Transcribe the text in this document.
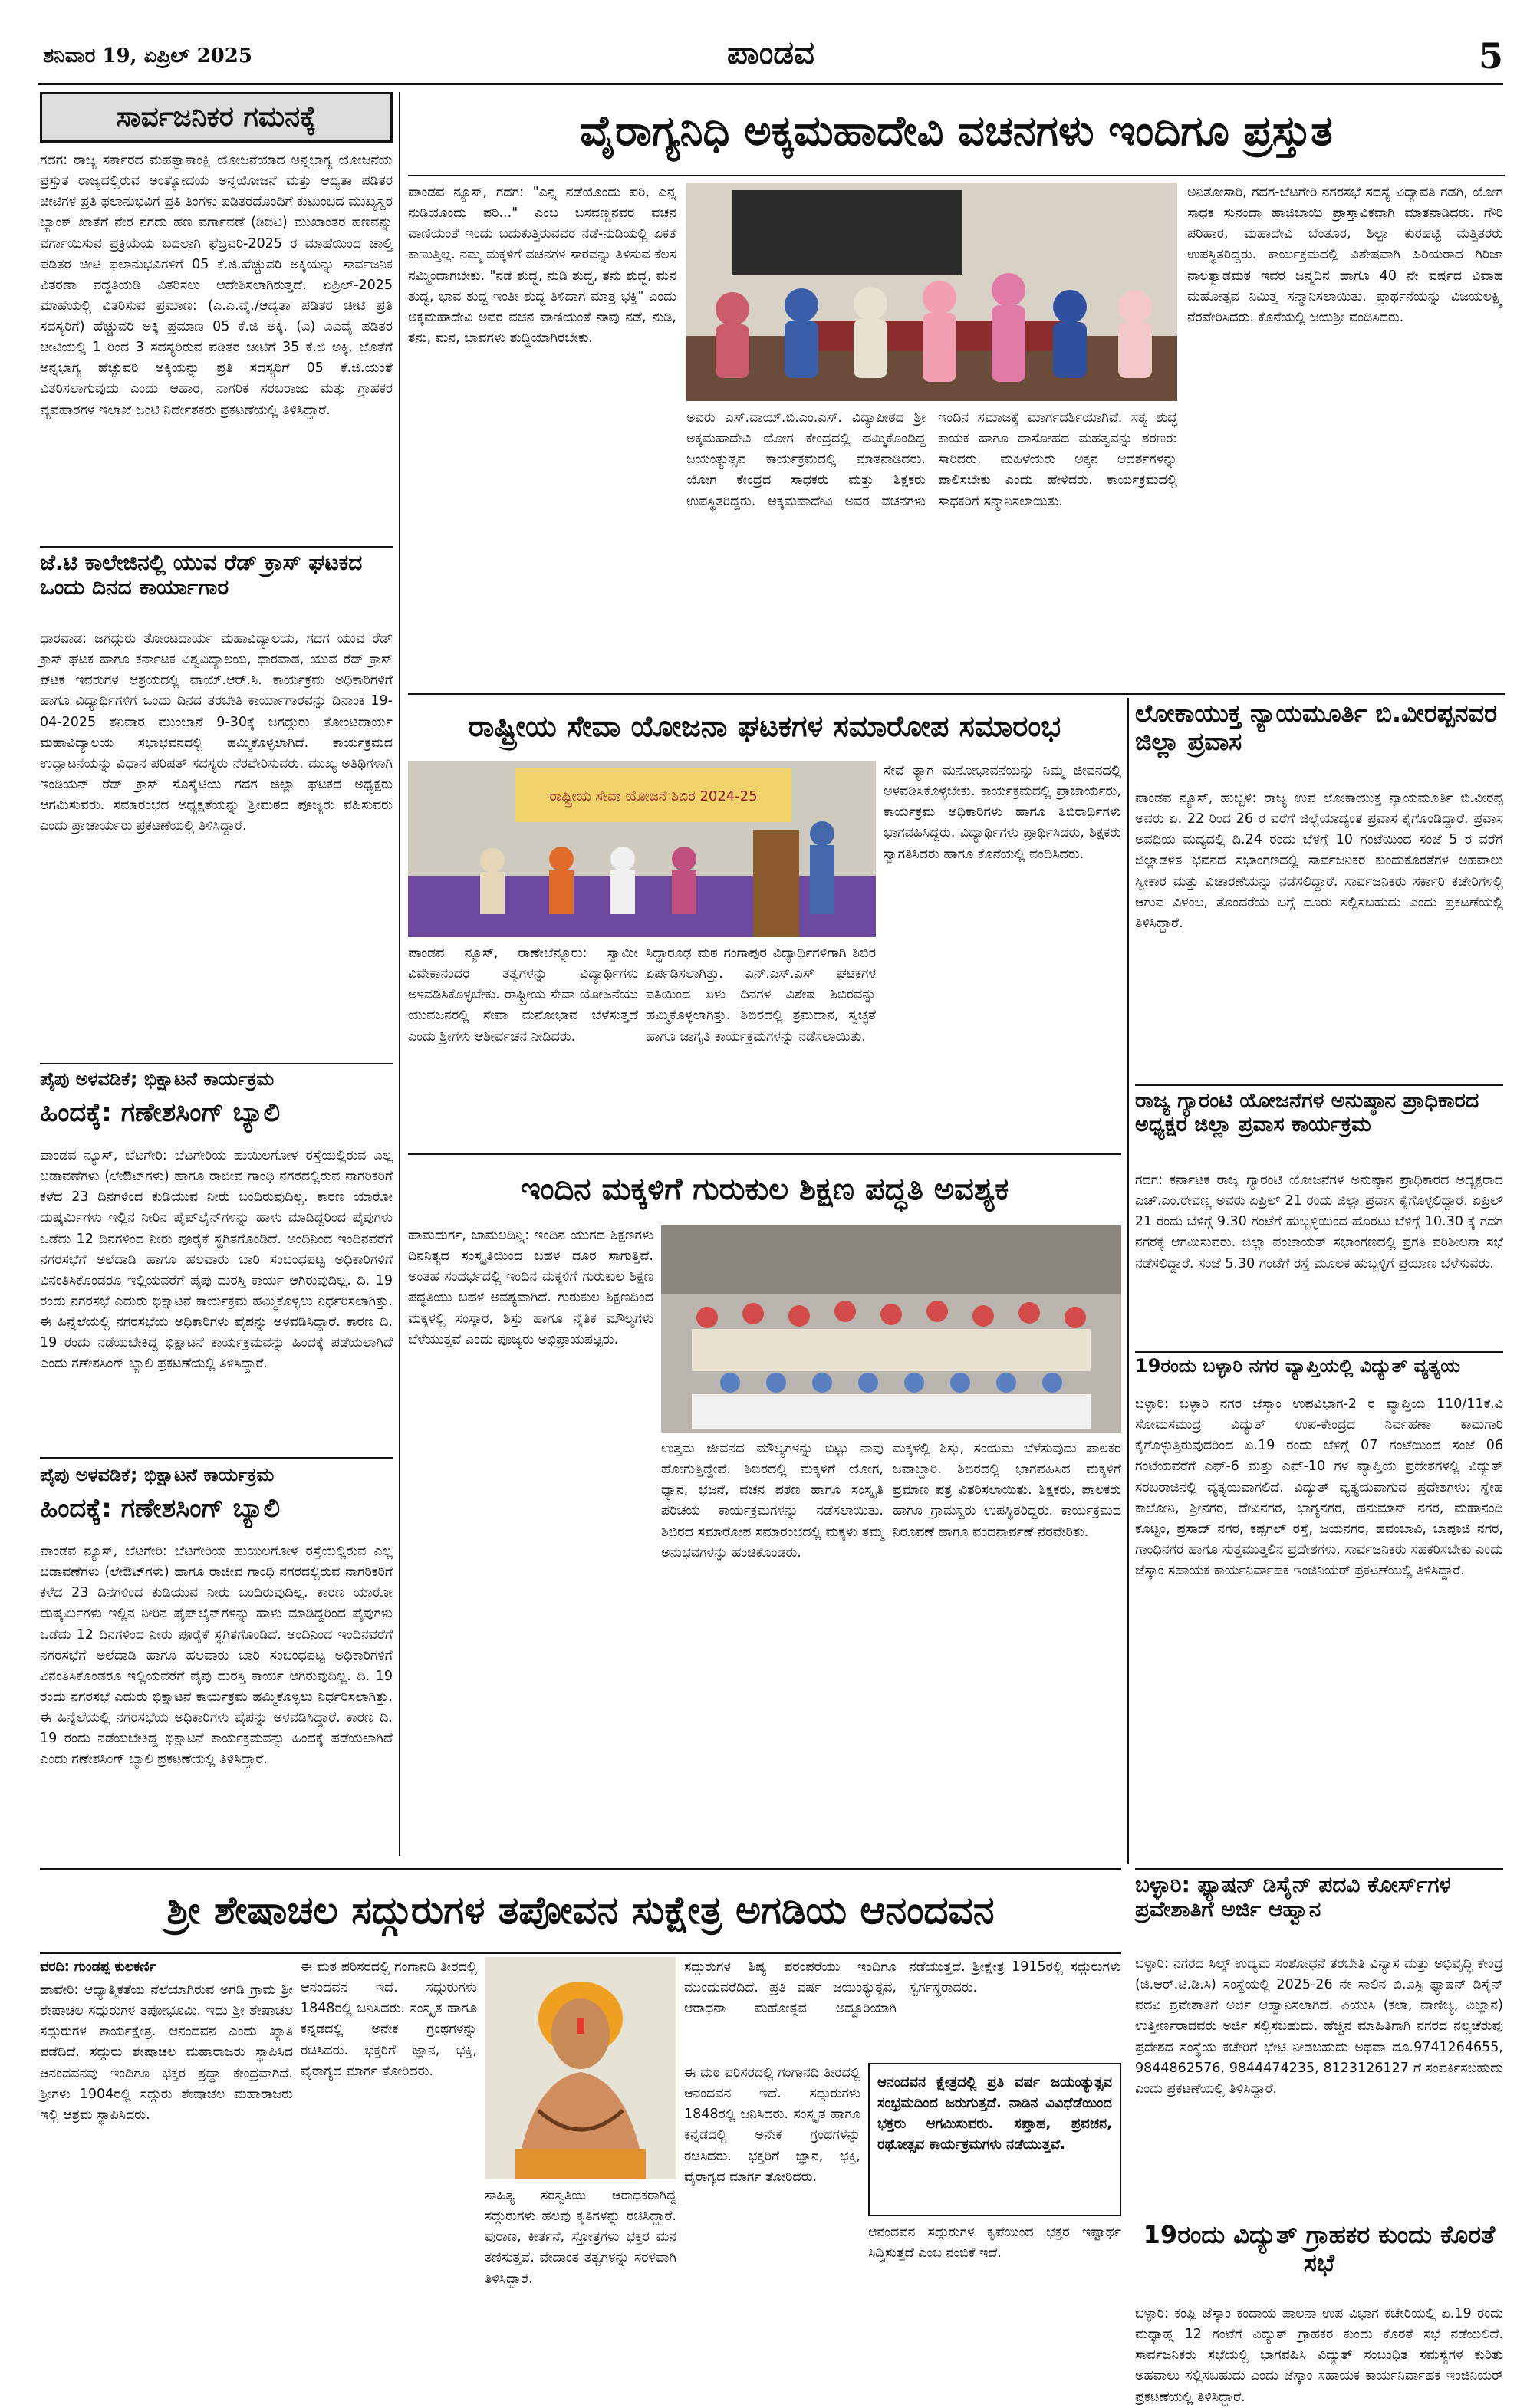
ಶನಿವಾರ 19, ಏಪ್ರಿಲ್ 2025	ಪಾಂಡವ	5
ಸಾರ್ವಜನಿಕರ ಗಮನಕ್ಕೆ
ಗದಗ: ರಾಜ್ಯ ಸರ್ಕಾರದ ಮಹತ್ವಾಕಾಂಕ್ಷಿ ಯೋಜನೆಯಾದ ಅನ್ನಭಾಗ್ಯ ಯೋಜನೆಯ ಪ್ರಸ್ತುತ ರಾಜ್ಯದಲ್ಲಿರುವ ಅಂತ್ಯೋದಯ ಅನ್ನಯೋಜನೆ ಮತ್ತು ಆದ್ಯತಾ ಪಡಿತರ ಚೀಟಿಗಳ ಪ್ರತಿ ಫಲಾನುಭವಿಗೆ ಪ್ರತಿ ತಿಂಗಳು ಪಡಿತರದೊಂದಿಗೆ ಕುಟುಂಬದ ಮುಖ್ಯಸ್ಥರ ಬ್ಯಾಂಕ್ ಖಾತೆಗೆ ನೇರ ನಗದು ಹಣ ವರ್ಗಾವಣೆ (ಡಿಬಿಟಿ) ಮುಖಾಂತರ ಹಣವನ್ನು ವರ್ಗಾಯಿಸುವ ಪ್ರಕ್ರಿಯೆಯ ಬದಲಾಗಿ ಫೆಬ್ರವರಿ-2025 ರ ಮಾಹೆಯಿಂದ ಚಾಲ್ತಿ ಪಡಿತರ ಚೀಟಿ ಫಲಾನುಭವಿಗಳಿಗೆ 05 ಕೆ.ಜಿ.ಹೆಚ್ಚುವರಿ ಅಕ್ಕಿಯನ್ನು ಸಾರ್ವಜನಿಕ ವಿತರಣಾ ಪದ್ಧತಿಯಡಿ ವಿತರಿಸಲು ಆದೇಶಿಸಲಾಗಿರುತ್ತದೆ. ಏಪ್ರಿಲ್-2025 ಮಾಹೆಯಲ್ಲಿ ವಿತರಿಸುವ ಪ್ರಮಾಣ: (ಎ.ಎ.ವೈ./ಆದ್ಯತಾ ಪಡಿತರ ಚೀಟಿ ಪ್ರತಿ ಸದಸ್ಯರಿಗೆ) ಹೆಚ್ಚುವರಿ ಅಕ್ಕಿ ಪ್ರಮಾಣ 05 ಕೆ.ಜಿ ಅಕ್ಕಿ. (ಎ) ಎಎವೈ ಪಡಿತರ ಚೀಟಿಯಲ್ಲಿ 1 ರಿಂದ 3 ಸದಸ್ಯರಿರುವ ಪಡಿತರ ಚೀಟಿಗೆ 35 ಕೆ.ಜಿ ಅಕ್ಕಿ, ಜೊತೆಗೆ ಅನ್ನಭಾಗ್ಯ ಹೆಚ್ಚುವರಿ ಅಕ್ಕಿಯನ್ನು ಪ್ರತಿ ಸದಸ್ಯರಿಗೆ 05 ಕೆ.ಜಿ.ಯಂತೆ ವಿತರಿಸಲಾಗುವುದು ಎಂದು ಆಹಾರ, ನಾಗರಿಕ ಸರಬರಾಜು ಮತ್ತು ಗ್ರಾಹಕರ ವ್ಯವಹಾರಗಳ ಇಲಾಖೆ ಜಂಟಿ ನಿರ್ದೇಶಕರು ಪ್ರಕಟಣೆಯಲ್ಲಿ ತಿಳಿಸಿದ್ದಾರೆ.
ಜೆ.ಟಿ ಕಾಲೇಜಿನಲ್ಲಿ ಯುವ ರೆಡ್ ಕ್ರಾಸ್ ಘಟಕದ ಒಂದು ದಿನದ ಕಾರ್ಯಾಗಾರ
ಧಾರವಾಡ: ಜಗದ್ಗುರು ತೋಂಟದಾರ್ಯ ಮಹಾವಿದ್ಯಾಲಯ, ಗದಗ ಯುವ ರೆಡ್ ಕ್ರಾಸ್ ಘಟಕ ಹಾಗೂ ಕರ್ನಾಟಕ ವಿಶ್ವವಿದ್ಯಾಲಯ, ಧಾರವಾಡ, ಯುವ ರೆಡ್ ಕ್ರಾಸ್ ಘಟಕ ಇವರುಗಳ ಆಶ್ರಯದಲ್ಲಿ ವಾಯ್.ಆರ್.ಸಿ. ಕಾರ್ಯಕ್ರಮ ಅಧಿಕಾರಿಗಳಿಗೆ ಹಾಗೂ ವಿದ್ಯಾರ್ಥಿಗಳಿಗೆ ಒಂದು ದಿನದ ತರಬೇತಿ ಕಾರ್ಯಾಗಾರವನ್ನು ದಿನಾಂಕ 19-04-2025 ಶನಿವಾರ ಮುಂಜಾನೆ 9-30ಕ್ಕೆ ಜಗದ್ಗುರು ತೋಂಟದಾರ್ಯ ಮಹಾವಿದ್ಯಾಲಯ ಸಭಾಭವನದಲ್ಲಿ ಹಮ್ಮಿಕೊಳ್ಳಲಾಗಿದೆ. ಕಾರ್ಯಕ್ರಮದ ಉದ್ಘಾಟನೆಯನ್ನು ವಿಧಾನ ಪರಿಷತ್ ಸದಸ್ಯರು ನೆರವೇರಿಸುವರು. ಮುಖ್ಯ ಅತಿಥಿಗಳಾಗಿ ಇಂಡಿಯನ್ ರೆಡ್ ಕ್ರಾಸ್ ಸೊಸೈಟಿಯ ಗದಗ ಜಿಲ್ಲಾ ಘಟಕದ ಅಧ್ಯಕ್ಷರು ಆಗಮಿಸುವರು. ಸಮಾರಂಭದ ಅಧ್ಯಕ್ಷತೆಯನ್ನು ಶ್ರೀಮಠದ ಪೂಜ್ಯರು ವಹಿಸುವರು ಎಂದು ಪ್ರಾಚಾರ್ಯರು ಪ್ರಕಟಣೆಯಲ್ಲಿ ತಿಳಿಸಿದ್ದಾರೆ.
ಪೈಪು ಅಳವಡಿಕೆ; ಭಿಕ್ಷಾಟನೆ ಕಾರ್ಯಕ್ರಮ
ಹಿಂದಕ್ಕೆ: ಗಣೇಶಸಿಂಗ್ ಬ್ಯಾಲಿ
ಪಾಂಡವ ನ್ಯೂಸ್, ಬೆಟಗೇರಿ: ಬೆಟಗೇರಿಯ ಹುಯಿಲಗೋಳ ರಸ್ತೆಯಲ್ಲಿರುವ ಎಲ್ಲ ಬಡಾವಣೆಗಳು (ಲೇಔಟ್‌ಗಳು) ಹಾಗೂ ರಾಜೀವ ಗಾಂಧಿ ನಗರದಲ್ಲಿರುವ ನಾಗರಿಕರಿಗೆ ಕಳೆದ 23 ದಿನಗಳಿಂದ ಕುಡಿಯುವ ನೀರು ಬಂದಿರುವುದಿಲ್ಲ. ಕಾರಣ ಯಾರೋ ದುಷ್ಕರ್ಮಿಗಳು ಇಲ್ಲಿನ ನೀರಿನ ಪೈಪ್‌ಲೈನ್‌ಗಳನ್ನು ಹಾಳು ಮಾಡಿದ್ದರಿಂದ ಪೈಪುಗಳು ಒಡೆದು 12 ದಿನಗಳಿಂದ ನೀರು ಪೂರೈಕೆ ಸ್ಥಗಿತಗೊಂಡಿದೆ. ಅಂದಿನಿಂದ ಇಂದಿನವರೆಗೆ ನಗರಸಭೆಗೆ ಅಲೆದಾಡಿ ಹಾಗೂ ಹಲವಾರು ಬಾರಿ ಸಂಬಂಧಪಟ್ಟ ಅಧಿಕಾರಿಗಳಿಗೆ ವಿನಂತಿಸಿಕೊಂಡರೂ ಇಲ್ಲಿಯವರೆಗೆ ಪೈಪು ದುರಸ್ತಿ ಕಾರ್ಯ ಆಗಿರುವುದಿಲ್ಲ. ದಿ. 19 ರಂದು ನಗರಸಭೆ ಎದುರು ಭಿಕ್ಷಾಟನೆ ಕಾರ್ಯಕ್ರಮ ಹಮ್ಮಿಕೊಳ್ಳಲು ನಿರ್ಧರಿಸಲಾಗಿತ್ತು. ಈ ಹಿನ್ನೆಲೆಯಲ್ಲಿ ನಗರಸಭೆಯ ಅಧಿಕಾರಿಗಳು ಪೈಪನ್ನು ಅಳವಡಿಸಿದ್ದಾರೆ. ಕಾರಣ ದಿ. 19 ರಂದು ನಡೆಯಬೇಕಿದ್ದ ಭಿಕ್ಷಾಟನೆ ಕಾರ್ಯಕ್ರಮವನ್ನು ಹಿಂದಕ್ಕೆ ಪಡೆಯಲಾಗಿದೆ ಎಂದು ಗಣೇಶಸಿಂಗ್ ಬ್ಯಾಲಿ ಪ್ರಕಟಣೆಯಲ್ಲಿ ತಿಳಿಸಿದ್ದಾರೆ.
ಪೈಪು ಅಳವಡಿಕೆ; ಭಿಕ್ಷಾಟನೆ ಕಾರ್ಯಕ್ರಮ
ಹಿಂದಕ್ಕೆ: ಗಣೇಶಸಿಂಗ್ ಬ್ಯಾಲಿ
ಪಾಂಡವ ನ್ಯೂಸ್, ಬೆಟಗೇರಿ: ಬೆಟಗೇರಿಯ ಹುಯಿಲಗೋಳ ರಸ್ತೆಯಲ್ಲಿರುವ ಎಲ್ಲ ಬಡಾವಣೆಗಳು (ಲೇಔಟ್‌ಗಳು) ಹಾಗೂ ರಾಜೀವ ಗಾಂಧಿ ನಗರದಲ್ಲಿರುವ ನಾಗರಿಕರಿಗೆ ಕಳೆದ 23 ದಿನಗಳಿಂದ ಕುಡಿಯುವ ನೀರು ಬಂದಿರುವುದಿಲ್ಲ. ಕಾರಣ ಯಾರೋ ದುಷ್ಕರ್ಮಿಗಳು ಇಲ್ಲಿನ ನೀರಿನ ಪೈಪ್‌ಲೈನ್‌ಗಳನ್ನು ಹಾಳು ಮಾಡಿದ್ದರಿಂದ ಪೈಪುಗಳು ಒಡೆದು 12 ದಿನಗಳಿಂದ ನೀರು ಪೂರೈಕೆ ಸ್ಥಗಿತಗೊಂಡಿದೆ. ಅಂದಿನಿಂದ ಇಂದಿನವರೆಗೆ ನಗರಸಭೆಗೆ ಅಲೆದಾಡಿ ಹಾಗೂ ಹಲವಾರು ಬಾರಿ ಸಂಬಂಧಪಟ್ಟ ಅಧಿಕಾರಿಗಳಿಗೆ ವಿನಂತಿಸಿಕೊಂಡರೂ ಇಲ್ಲಿಯವರೆಗೆ ಪೈಪು ದುರಸ್ತಿ ಕಾರ್ಯ ಆಗಿರುವುದಿಲ್ಲ. ದಿ. 19 ರಂದು ನಗರಸಭೆ ಎದುರು ಭಿಕ್ಷಾಟನೆ ಕಾರ್ಯಕ್ರಮ ಹಮ್ಮಿಕೊಳ್ಳಲು ನಿರ್ಧರಿಸಲಾಗಿತ್ತು. ಈ ಹಿನ್ನೆಲೆಯಲ್ಲಿ ನಗರಸಭೆಯ ಅಧಿಕಾರಿಗಳು ಪೈಪನ್ನು ಅಳವಡಿಸಿದ್ದಾರೆ. ಕಾರಣ ದಿ. 19 ರಂದು ನಡೆಯಬೇಕಿದ್ದ ಭಿಕ್ಷಾಟನೆ ಕಾರ್ಯಕ್ರಮವನ್ನು ಹಿಂದಕ್ಕೆ ಪಡೆಯಲಾಗಿದೆ ಎಂದು ಗಣೇಶಸಿಂಗ್ ಬ್ಯಾಲಿ ಪ್ರಕಟಣೆಯಲ್ಲಿ ತಿಳಿಸಿದ್ದಾರೆ.
ವೈರಾಗ್ಯನಿಧಿ ಅಕ್ಕಮಹಾದೇವಿ ವಚನಗಳು ಇಂದಿಗೂ ಪ್ರಸ್ತುತ
ಪಾಂಡವ ನ್ಯೂಸ್, ಗದಗ: "ಎನ್ನ ನಡೆಯೊಂದು ಪರಿ, ಎನ್ನ ನುಡಿಯೊಂದು ಪರಿ..." ಎಂಬ ಬಸವಣ್ಣನವರ ವಚನ ವಾಣಿಯಂತೆ ಇಂದು ಬದುಕುತ್ತಿರುವವರ ನಡೆ-ನುಡಿಯಲ್ಲಿ ಏಕತೆ ಕಾಣುತ್ತಿಲ್ಲ. ನಮ್ಮ ಮಕ್ಕಳಿಗೆ ವಚನಗಳ ಸಾರವನ್ನು ತಿಳಿಸುವ ಕೆಲಸ ನಮ್ಮಿಂದಾಗಬೇಕು. "ನಡೆ ಶುದ್ಧ, ನುಡಿ ಶುದ್ಧ, ತನು ಶುದ್ಧ, ಮನ ಶುದ್ಧ, ಭಾವ ಶುದ್ಧ ಇಂತೀ ಶುದ್ಧ ತಿಳಿದಾಗ ಮಾತ್ರ ಭಕ್ತಿ" ಎಂದು ಅಕ್ಕಮಹಾದೇವಿ ಅವರ ವಚನ ವಾಣಿಯಂತೆ ನಾವು ನಡೆ, ನುಡಿ, ತನು, ಮನ, ಭಾವಗಳು ಶುದ್ಧಿಯಾಗಿರಬೇಕು.
ಅವರು ಎಸ್.ವಾಯ್.ಬಿ.ಎಂ.ಎಸ್. ವಿದ್ಯಾಪೀಠದ ಶ್ರೀ ಅಕ್ಕಮಹಾದೇವಿ ಯೋಗ ಕೇಂದ್ರದಲ್ಲಿ ಹಮ್ಮಿಕೊಂಡಿದ್ದ ಜಯಂತ್ಯುತ್ಸವ ಕಾರ್ಯಕ್ರಮದಲ್ಲಿ ಮಾತನಾಡಿದರು. ಯೋಗ ಕೇಂದ್ರದ ಸಾಧಕರು ಮತ್ತು ಶಿಕ್ಷಕರು ಉಪಸ್ಥಿತರಿದ್ದರು. ಅಕ್ಕಮಹಾದೇವಿ ಅವರ ವಚನಗಳು ಇಂದಿನ ಸಮಾಜಕ್ಕೆ ಮಾರ್ಗದರ್ಶಿಯಾಗಿವೆ. ಸತ್ಯ ಶುದ್ಧ ಕಾಯಕ ಹಾಗೂ ದಾಸೋಹದ ಮಹತ್ವವನ್ನು ಶರಣರು ಸಾರಿದರು. ಮಹಿಳೆಯರು ಅಕ್ಕನ ಆದರ್ಶಗಳನ್ನು ಪಾಲಿಸಬೇಕು ಎಂದು ಹೇಳಿದರು. ಕಾರ್ಯಕ್ರಮದಲ್ಲಿ ಸಾಧಕರಿಗೆ ಸನ್ಮಾನಿಸಲಾಯಿತು.
ಅನಿತೋಸಾರಿ, ಗದಗ-ಬೆಟಗೇರಿ ನಗರಸಭೆ ಸದಸ್ಯೆ ವಿದ್ಯಾವತಿ ಗಡಗಿ, ಯೋಗ ಸಾಧಕ ಸುನಂದಾ ಹಾಜಿಬಾಯಿ ಪ್ರಾಸ್ತಾವಿಕವಾಗಿ ಮಾತನಾಡಿದರು. ಗೌರಿ ಪರಿಹಾರ, ಮಹಾದೇವಿ ಬೆಂತೂರ, ಶಿಲ್ಪಾ ಕುರಹಟ್ಟಿ ಮತ್ತಿತರರು ಉಪಸ್ಥಿತರಿದ್ದರು. ಕಾರ್ಯಕ್ರಮದಲ್ಲಿ ವಿಶೇಷವಾಗಿ ಹಿರಿಯರಾದ ಗಿರಿಜಾ ನಾಲತ್ವಾಡಮಠ ಇವರ ಜನ್ಮದಿನ ಹಾಗೂ 40 ನೇ ವರ್ಷದ ವಿವಾಹ ಮಹೋತ್ಸವ ನಿಮಿತ್ತ ಸನ್ಮಾನಿಸಲಾಯಿತು. ಪ್ರಾರ್ಥನೆಯನ್ನು ವಿಜಯಲಕ್ಷ್ಮಿ ನೆರವೇರಿಸಿದರು. ಕೊನೆಯಲ್ಲಿ ಜಯಶ್ರೀ ವಂದಿಸಿದರು.
ರಾಷ್ಟ್ರೀಯ ಸೇವಾ ಯೋಜನಾ ಘಟಕಗಳ ಸಮಾರೋಪ ಸಮಾರಂಭ
ರಾಷ್ಟ್ರೀಯ ಸೇವಾ ಯೋಜನೆ ಶಿಬಿರ 2024-25
ಪಾಂಡವ ನ್ಯೂಸ್, ರಾಣೇಬೆನ್ನೂರು: ಸ್ವಾಮೀ ವಿವೇಕಾನಂದರ ತತ್ವಗಳನ್ನು ವಿದ್ಯಾರ್ಥಿಗಳು ಅಳವಡಿಸಿಕೊಳ್ಳಬೇಕು. ರಾಷ್ಟ್ರೀಯ ಸೇವಾ ಯೋಜನೆಯು ಯುವಜನರಲ್ಲಿ ಸೇವಾ ಮನೋಭಾವ ಬೆಳೆಸುತ್ತದೆ ಎಂದು ಶ್ರೀಗಳು ಆಶೀರ್ವಚನ ನೀಡಿದರು.
ಸಿದ್ಧಾರೂಢ ಮಠ ಗಂಗಾಪುರ ವಿದ್ಯಾರ್ಥಿಗಳಿಗಾಗಿ ಶಿಬಿರ ಏರ್ಪಡಿಸಲಾಗಿತ್ತು. ಎನ್.ಎಸ್.ಎಸ್ ಘಟಕಗಳ ವತಿಯಿಂದ ಏಳು ದಿನಗಳ ವಿಶೇಷ ಶಿಬಿರವನ್ನು ಹಮ್ಮಿಕೊಳ್ಳಲಾಗಿತ್ತು. ಶಿಬಿರದಲ್ಲಿ ಶ್ರಮದಾನ, ಸ್ವಚ್ಛತೆ ಹಾಗೂ ಜಾಗೃತಿ ಕಾರ್ಯಕ್ರಮಗಳನ್ನು ನಡೆಸಲಾಯಿತು.
ಸೇವೆ ತ್ಯಾಗ ಮನೋಭಾವನೆಯನ್ನು ನಿಮ್ಮ ಜೀವನದಲ್ಲಿ ಅಳವಡಿಸಿಕೊಳ್ಳಬೇಕು. ಕಾರ್ಯಕ್ರಮದಲ್ಲಿ ಪ್ರಾಚಾರ್ಯರು, ಕಾರ್ಯಕ್ರಮ ಅಧಿಕಾರಿಗಳು ಹಾಗೂ ಶಿಬಿರಾರ್ಥಿಗಳು ಭಾಗವಹಿಸಿದ್ದರು. ವಿದ್ಯಾರ್ಥಿಗಳು ಪ್ರಾರ್ಥಿಸಿದರು, ಶಿಕ್ಷಕರು ಸ್ವಾಗತಿಸಿದರು ಹಾಗೂ ಕೊನೆಯಲ್ಲಿ ವಂದಿಸಿದರು.
ಇಂದಿನ ಮಕ್ಕಳಿಗೆ ಗುರುಕುಲ ಶಿಕ್ಷಣ ಪದ್ಧತಿ ಅವಶ್ಯಕ
ಹಾಮದುರ್ಗ, ಜಾಮಲದಿನ್ನಿ: ಇಂದಿನ ಯುಗದ ಶಿಕ್ಷಣಗಳು ದಿನನಿತ್ಯದ ಸಂಸ್ಕೃತಿಯಿಂದ ಬಹಳ ದೂರ ಸಾಗುತ್ತಿವೆ. ಅಂತಹ ಸಂದರ್ಭದಲ್ಲಿ ಇಂದಿನ ಮಕ್ಕಳಿಗೆ ಗುರುಕುಲ ಶಿಕ್ಷಣ ಪದ್ಧತಿಯು ಬಹಳ ಅವಶ್ಯವಾಗಿದೆ. ಗುರುಕುಲ ಶಿಕ್ಷಣದಿಂದ ಮಕ್ಕಳಲ್ಲಿ ಸಂಸ್ಕಾರ, ಶಿಸ್ತು ಹಾಗೂ ನೈತಿಕ ಮೌಲ್ಯಗಳು ಬೆಳೆಯುತ್ತವೆ ಎಂದು ಪೂಜ್ಯರು ಅಭಿಪ್ರಾಯಪಟ್ಟರು.
ಉತ್ತಮ ಜೀವನದ ಮೌಲ್ಯಗಳನ್ನು ಬಿಟ್ಟು ನಾವು ಹೋಗುತ್ತಿದ್ದೇವೆ. ಶಿಬಿರದಲ್ಲಿ ಮಕ್ಕಳಿಗೆ ಯೋಗ, ಧ್ಯಾನ, ಭಜನೆ, ವಚನ ಪಠಣ ಹಾಗೂ ಸಂಸ್ಕೃತಿ ಪರಿಚಯ ಕಾರ್ಯಕ್ರಮಗಳನ್ನು ನಡೆಸಲಾಯಿತು. ಶಿಬಿರದ ಸಮಾರೋಪ ಸಮಾರಂಭದಲ್ಲಿ ಮಕ್ಕಳು ತಮ್ಮ ಅನುಭವಗಳನ್ನು ಹಂಚಿಕೊಂಡರು.
ಮಕ್ಕಳಲ್ಲಿ ಶಿಸ್ತು, ಸಂಯಮ ಬೆಳೆಸುವುದು ಪಾಲಕರ ಜವಾಬ್ದಾರಿ. ಶಿಬಿರದಲ್ಲಿ ಭಾಗವಹಿಸಿದ ಮಕ್ಕಳಿಗೆ ಪ್ರಮಾಣ ಪತ್ರ ವಿತರಿಸಲಾಯಿತು. ಶಿಕ್ಷಕರು, ಪಾಲಕರು ಹಾಗೂ ಗ್ರಾಮಸ್ಥರು ಉಪಸ್ಥಿತರಿದ್ದರು. ಕಾರ್ಯಕ್ರಮದ ನಿರೂಪಣೆ ಹಾಗೂ ವಂದನಾರ್ಪಣೆ ನೆರವೇರಿತು.
ಲೋಕಾಯುಕ್ತ ನ್ಯಾಯಮೂರ್ತಿ ಬಿ.ವೀರಪ್ಪನವರ ಜಿಲ್ಲಾ ಪ್ರವಾಸ
ಪಾಂಡವ ನ್ಯೂಸ್, ಹುಬ್ಬಳಿ: ರಾಜ್ಯ ಉಪ ಲೋಕಾಯುಕ್ತ ನ್ಯಾಯಮೂರ್ತಿ ಬಿ.ವೀರಪ್ಪ ಅವರು ಏ. 22 ರಿಂದ 26 ರ ವರೆಗೆ ಜಿಲ್ಲೆಯಾದ್ಯಂತ ಪ್ರವಾಸ ಕೈಗೊಂಡಿದ್ದಾರೆ. ಪ್ರವಾಸ ಅವಧಿಯ ಮದ್ಯದಲ್ಲಿ ದಿ.24 ರಂದು ಬೆಳಗ್ಗೆ 10 ಗಂಟೆಯಿಂದ ಸಂಜೆ 5 ರ ವರೆಗೆ ಜಿಲ್ಲಾಡಳಿತ ಭವನದ ಸಭಾಂಗಣದಲ್ಲಿ ಸಾರ್ವಜನಿಕರ ಕುಂದುಕೊರತೆಗಳ ಅಹವಾಲು ಸ್ವೀಕಾರ ಮತ್ತು ವಿಚಾರಣೆಯನ್ನು ನಡೆಸಲಿದ್ದಾರೆ. ಸಾರ್ವಜನಿಕರು ಸರ್ಕಾರಿ ಕಚೇರಿಗಳಲ್ಲಿ ಆಗುವ ವಿಳಂಬ, ತೊಂದರೆಯ ಬಗ್ಗೆ ದೂರು ಸಲ್ಲಿಸಬಹುದು ಎಂದು ಪ್ರಕಟಣೆಯಲ್ಲಿ ತಿಳಿಸಿದ್ದಾರೆ.
ರಾಜ್ಯ ಗ್ಯಾರಂಟಿ ಯೋಜನೆಗಳ ಅನುಷ್ಠಾನ ಪ್ರಾಧಿಕಾರದ ಅಧ್ಯಕ್ಷರ ಜಿಲ್ಲಾ ಪ್ರವಾಸ ಕಾರ್ಯಕ್ರಮ
ಗದಗ: ಕರ್ನಾಟಕ ರಾಜ್ಯ ಗ್ಯಾರಂಟಿ ಯೋಜನೆಗಳ ಅನುಷ್ಠಾನ ಪ್ರಾಧಿಕಾರದ ಅಧ್ಯಕ್ಷರಾದ ಎಚ್.ಎಂ.ರೇವಣ್ಣ ಅವರು ಏಪ್ರಿಲ್ 21 ರಂದು ಜಿಲ್ಲಾ ಪ್ರವಾಸ ಕೈಗೊಳ್ಳಲಿದ್ದಾರೆ. ಏಪ್ರಿಲ್ 21 ರಂದು ಬೆಳಿಗ್ಗೆ 9.30 ಗಂಟೆಗೆ ಹುಬ್ಬಳ್ಳಿಯಿಂದ ಹೊರಟು ಬೆಳಿಗ್ಗೆ 10.30 ಕ್ಕೆ ಗದಗ ನಗರಕ್ಕೆ ಆಗಮಿಸುವರು. ಜಿಲ್ಲಾ ಪಂಚಾಯತ್ ಸಭಾಂಗಣದಲ್ಲಿ ಪ್ರಗತಿ ಪರಿಶೀಲನಾ ಸಭೆ ನಡೆಸಲಿದ್ದಾರೆ. ಸಂಜೆ 5.30 ಗಂಟೆಗೆ ರಸ್ತೆ ಮೂಲಕ ಹುಬ್ಬಳ್ಳಿಗೆ ಪ್ರಯಾಣ ಬೆಳೆಸುವರು.
19ರಂದು ಬಳ್ಳಾರಿ ನಗರ ವ್ಯಾಪ್ತಿಯಲ್ಲಿ ವಿದ್ಯುತ್ ವ್ಯತ್ಯಯ
ಬಳ್ಳಾರಿ: ಬಳ್ಳಾರಿ ನಗರ ಜೆಸ್ಕಾಂ ಉಪವಿಭಾಗ-2 ರ ವ್ಯಾಪ್ತಿಯ 110/11ಕೆ.ವಿ ಸೋಮಸಮುದ್ರ ವಿದ್ಯುತ್ ಉಪ-ಕೇಂದ್ರದ ನಿರ್ವಹಣಾ ಕಾಮಗಾರಿ ಕೈಗೊಳ್ಳುತ್ತಿರುವುದರಿಂದ ಏ.19 ರಂದು ಬೆಳಿಗ್ಗೆ 07 ಗಂಟೆಯಿಂದ ಸಂಜೆ 06 ಗಂಟೆಯವರೆಗೆ ಎಫ್-6 ಮತ್ತು ಎಫ್-10 ಗಳ ವ್ಯಾಪ್ತಿಯ ಪ್ರದೇಶಗಳಲ್ಲಿ ವಿದ್ಯುತ್ ಸರಬರಾಜಿನಲ್ಲಿ ವ್ಯತ್ಯಯವಾಗಲಿದೆ. ವಿದ್ಯುತ್ ವ್ಯತ್ಯಯವಾಗುವ ಪ್ರದೇಶಗಳು: ಸ್ನೇಹ ಕಾಲೋನಿ, ಶ್ರೀನಗರ, ದೇವಿನಗರ, ಭಾಗ್ಯನಗರ, ಹನುಮಾನ್ ನಗರ, ಮಹಾನಂದಿ ಕೊಟ್ಟಂ, ಪ್ರಸಾದ್ ನಗರ, ಕಪ್ಪಗಲ್ ರಸ್ತೆ, ಜಯನಗರ, ಹವಂಬಾವಿ, ಬಾಪೂಜಿ ನಗರ, ಗಾಂಧಿನಗರ ಹಾಗೂ ಸುತ್ತಮುತ್ತಲಿನ ಪ್ರದೇಶಗಳು. ಸಾರ್ವಜನಿಕರು ಸಹಕರಿಸಬೇಕು ಎಂದು ಜೆಸ್ಕಾಂ ಸಹಾಯಕ ಕಾರ್ಯನಿರ್ವಾಹಕ ಇಂಜಿನಿಯರ್ ಪ್ರಕಟಣೆಯಲ್ಲಿ ತಿಳಿಸಿದ್ದಾರೆ.
ಶ್ರೀ ಶೇಷಾಚಲ ಸದ್ಗುರುಗಳ ತಪೋವನ ಸುಕ್ಷೇತ್ರ ಅಗಡಿಯ ಆನಂದವನ
ವರದಿ: ಗುಂಡಪ್ಪ ಕುಲಕರ್ಣಿ
ಹಾವೇರಿ: ಆಧ್ಯಾತ್ಮಿಕತೆಯ ನೆಲೆಯಾಗಿರುವ ಅಗಡಿ ಗ್ರಾಮ ಶ್ರೀ ಶೇಷಾಚಲ ಸದ್ಗುರುಗಳ ತಪೋಭೂಮಿ. ಇದು ಶ್ರೀ ಶೇಷಾಚಲ ಸದ್ಗುರುಗಳ ಕಾರ್ಯಕ್ಷೇತ್ರ. ಆನಂದವನ ಎಂದು ಖ್ಯಾತಿ ಪಡೆದಿದೆ. ಸದ್ಗುರು ಶೇಷಾಚಲ ಮಹಾರಾಜರು ಸ್ಥಾಪಿಸಿದ ಆನಂದವನವು ಇಂದಿಗೂ ಭಕ್ತರ ಶ್ರದ್ಧಾ ಕೇಂದ್ರವಾಗಿದೆ. ಶ್ರೀಗಳು 1904ರಲ್ಲಿ ಸದ್ಗುರು ಶೇಷಾಚಲ ಮಹಾರಾಜರು ಇಲ್ಲಿ ಆಶ್ರಮ ಸ್ಥಾಪಿಸಿದರು.
ಈ ಮಠ ಪರಿಸರದಲ್ಲಿ ಗಂಗಾನದಿ ತೀರದಲ್ಲಿ ಆನಂದವನ ಇದೆ. ಸದ್ಗುರುಗಳು 1848ರಲ್ಲಿ ಜನಿಸಿದರು. ಸಂಸ್ಕೃತ ಹಾಗೂ ಕನ್ನಡದಲ್ಲಿ ಅನೇಕ ಗ್ರಂಥಗಳನ್ನು ರಚಿಸಿದರು. ಭಕ್ತರಿಗೆ ಜ್ಞಾನ, ಭಕ್ತಿ, ವೈರಾಗ್ಯದ ಮಾರ್ಗ ತೋರಿದರು.
ಸಾಹಿತ್ಯ ಸರಸ್ವತಿಯ ಆರಾಧಕರಾಗಿದ್ದ ಸದ್ಗುರುಗಳು ಹಲವು ಕೃತಿಗಳನ್ನು ರಚಿಸಿದ್ದಾರೆ. ಪುರಾಣ, ಕೀರ್ತನೆ, ಸ್ತೋತ್ರಗಳು ಭಕ್ತರ ಮನ ತಣಿಸುತ್ತವೆ. ವೇದಾಂತ ತತ್ವಗಳನ್ನು ಸರಳವಾಗಿ ತಿಳಿಸಿದ್ದಾರೆ.
ಸದ್ಗುರುಗಳ ಶಿಷ್ಯ ಪರಂಪರೆಯು ಇಂದಿಗೂ ಮುಂದುವರೆದಿದೆ. ಪ್ರತಿ ವರ್ಷ ಜಯಂತ್ಯುತ್ಸವ, ಆರಾಧನಾ ಮಹೋತ್ಸವ ಅದ್ಧೂರಿಯಾಗಿ ನಡೆಯುತ್ತದೆ. ಶ್ರೀಕ್ಷೇತ್ರ 1915ರಲ್ಲಿ ಸದ್ಗುರುಗಳು ಸ್ವರ್ಗಸ್ಥರಾದರು.
ಆನಂದವನ ಕ್ಷೇತ್ರದಲ್ಲಿ ಪ್ರತಿ ವರ್ಷ ಜಯಂತ್ಯುತ್ಸವ ಸಂಭ್ರಮದಿಂದ ಜರುಗುತ್ತದೆ. ನಾಡಿನ ವಿವಿಧೆಡೆಯಿಂದ ಭಕ್ತರು ಆಗಮಿಸುವರು. ಸಪ್ತಾಹ, ಪ್ರವಚನ, ರಥೋತ್ಸವ ಕಾರ್ಯಕ್ರಮಗಳು ನಡೆಯುತ್ತವೆ.
ಆನಂದವನ ಸದ್ಗುರುಗಳ ಕೃಪೆಯಿಂದ ಭಕ್ತರ ಇಷ್ಟಾರ್ಥ ಸಿದ್ಧಿಸುತ್ತದೆ ಎಂಬ ನಂಬಿಕೆ ಇದೆ.
ಈ ಮಠ ಪರಿಸರದಲ್ಲಿ ಗಂಗಾನದಿ ತೀರದಲ್ಲಿ ಆನಂದವನ ಇದೆ. ಸದ್ಗುರುಗಳು 1848ರಲ್ಲಿ ಜನಿಸಿದರು. ಸಂಸ್ಕೃತ ಹಾಗೂ ಕನ್ನಡದಲ್ಲಿ ಅನೇಕ ಗ್ರಂಥಗಳನ್ನು ರಚಿಸಿದರು. ಭಕ್ತರಿಗೆ ಜ್ಞಾನ, ಭಕ್ತಿ, ವೈರಾಗ್ಯದ ಮಾರ್ಗ ತೋರಿದರು.
ಬಳ್ಳಾರಿ: ಫ್ಯಾಷನ್ ಡಿಸೈನ್ ಪದವಿ ಕೋರ್ಸ್‌ಗಳ ಪ್ರವೇಶಾತಿಗೆ ಅರ್ಜಿ ಆಹ್ವಾನ
ಬಳ್ಳಾರಿ: ನಗರದ ಸಿಲ್ಕ್ ಉದ್ಯಮ ಸಂಶೋಧನೆ ತರಬೇತಿ ವಿನ್ಯಾಸ ಮತ್ತು ಅಭಿವೃದ್ಧಿ ಕೇಂದ್ರ (ಜಿ.ಆರ್.ಟಿ.ಡಿ.ಸಿ) ಸಂಸ್ಥೆಯಲ್ಲಿ 2025-26 ನೇ ಸಾಲಿನ ಬಿ.ಎಸ್ಸಿ ಫ್ಯಾಷನ್ ಡಿಸೈನ್ ಪದವಿ ಪ್ರವೇಶಾತಿಗೆ ಅರ್ಜಿ ಆಹ್ವಾನಿಸಲಾಗಿದೆ. ಪಿಯುಸಿ (ಕಲಾ, ವಾಣಿಜ್ಯ, ವಿಜ್ಞಾನ) ಉತ್ತೀರ್ಣರಾದವರು ಅರ್ಜಿ ಸಲ್ಲಿಸಬಹುದು. ಹೆಚ್ಚಿನ ಮಾಹಿತಿಗಾಗಿ ನಗರದ ನಲ್ಲಚೆರುವು ಪ್ರದೇಶದ ಸಂಸ್ಥೆಯ ಕಚೇರಿಗೆ ಭೇಟಿ ನೀಡಬಹುದು ಅಥವಾ ದೂ.9741264655, 9844862576, 9844474235, 8123126127 ಗೆ ಸಂಪರ್ಕಿಸಬಹುದು ಎಂದು ಪ್ರಕಟಣೆಯಲ್ಲಿ ತಿಳಿಸಿದ್ದಾರೆ.
19ರಂದು ವಿದ್ಯುತ್ ಗ್ರಾಹಕರ ಕುಂದು ಕೊರತೆ ಸಭೆ
ಬಳ್ಳಾರಿ: ಕಂಪ್ಲಿ ಜೆಸ್ಕಾಂ ಕಂದಾಯ ಪಾಲನಾ ಉಪ ವಿಭಾಗ ಕಚೇರಿಯಲ್ಲಿ ಏ.19 ರಂದು ಮಧ್ಯಾಹ್ನ 12 ಗಂಟೆಗೆ ವಿದ್ಯುತ್ ಗ್ರಾಹಕರ ಕುಂದು ಕೊರತೆ ಸಭೆ ನಡೆಯಲಿದೆ. ಸಾರ್ವಜನಿಕರು ಸಭೆಯಲ್ಲಿ ಭಾಗವಹಿಸಿ ವಿದ್ಯುತ್ ಸಂಬಂಧಿತ ಸಮಸ್ಯೆಗಳ ಕುರಿತು ಅಹವಾಲು ಸಲ್ಲಿಸಬಹುದು ಎಂದು ಜೆಸ್ಕಾಂ ಸಹಾಯಕ ಕಾರ್ಯನಿರ್ವಾಹಕ ಇಂಜಿನಿಯರ್ ಪ್ರಕಟಣೆಯಲ್ಲಿ ತಿಳಿಸಿದ್ದಾರೆ.
